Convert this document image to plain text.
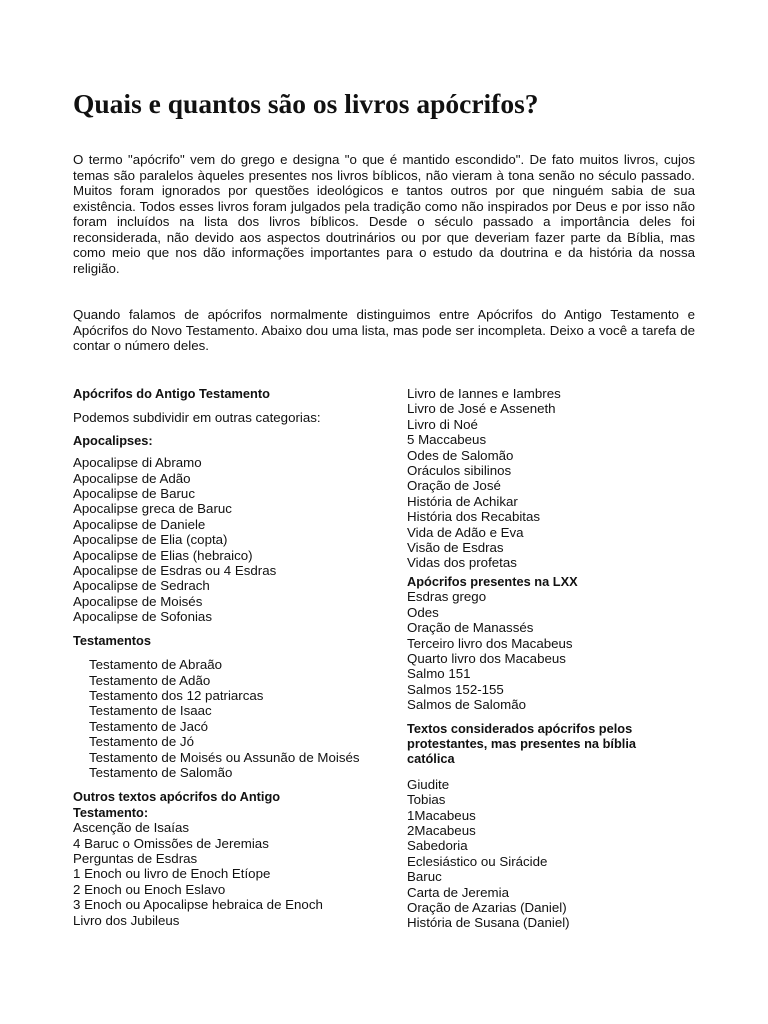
Quais e quantos são os livros apócrifos?

O termo "apócrifo" vem do grego e designa "o que é mantido escondido". De fato muitos livros, cujos temas são paralelos àqueles presentes nos livros bíblicos, não vieram à tona senão no século passado. Muitos foram ignorados por questões ideológicos e tantos outros por que ninguém sabia de sua existência. Todos esses livros foram julgados pela tradição como não inspirados por Deus e por isso não foram incluídos na lista dos livros bíblicos. Desde o século passado a importância deles foi reconsiderada, não devido aos aspectos doutrinários ou por que deveriam fazer parte da Bíblia, mas como meio que nos dão informações importantes para o estudo da doutrina e da história da nossa religião.

Quando falamos de apócrifos normalmente distinguimos entre Apócrifos do Antigo Testamento e Apócrifos do Novo Testamento. Abaixo dou uma lista, mas pode ser incompleta. Deixo a você a tarefa de contar o número deles.

Apócrifos do Antigo Testamento

Podemos subdividir em outras categorias:

Apocalipses:

Apocalipse di Abramo
Apocalipse de Adão
Apocalipse de Baruc
Apocalipse greca de Baruc
Apocalipse de Daniele
Apocalipse de Elia (copta)
Apocalipse de Elias (hebraico)
Apocalipse de Esdras ou 4 Esdras
Apocalipse de Sedrach
Apocalipse de Moisés
Apocalipse de Sofonias

Testamentos

Testamento de Abraão
Testamento de Adão
Testamento dos 12 patriarcas
Testamento de Isaac
Testamento de Jacó
Testamento de Jó
Testamento de Moisés ou Assunão de Moisés
Testamento de Salomão

Outros textos apócrifos do Antigo Testamento:

Ascenção de Isaías
4 Baruc o Omissões de Jeremias
Perguntas de Esdras
1 Enoch ou livro de Enoch Etíope
2 Enoch ou Enoch Eslavo
3 Enoch ou Apocalipse hebraica de Enoch
Livro dos Jubileus
Livro de Iannes e Iambres
Livro de José e Asseneth
Livro di Noé
5 Maccabeus
Odes de Salomão
Oráculos sibilinos
Oração de José
História de Achikar
História dos Recabitas
Vida de Adão e Eva
Visão de Esdras
Vidas dos profetas

Apócrifos presentes na LXX

Esdras grego
Odes
Oração de Manassés
Terceiro livro dos Macabeus
Quarto livro dos Macabeus
Salmo 151
Salmos 152-155
Salmos de Salomão

Textos considerados apócrifos pelos protestantes, mas presentes na bíblia católica

Giudite
Tobias
1Macabeus
2Macabeus
Sabedoria
Eclesiástico ou Sirácide
Baruc
Carta de Jeremia
Oração de Azarias (Daniel)
História de Susana (Daniel)
